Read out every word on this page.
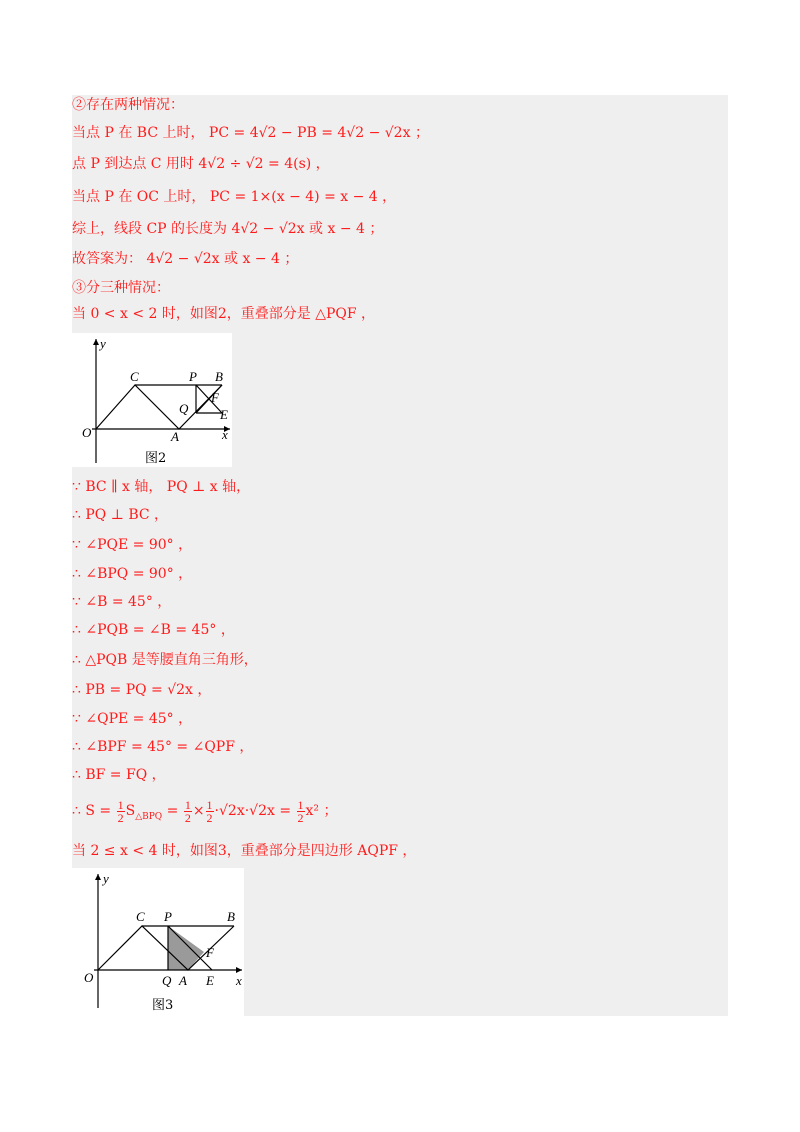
②存在两种情况：
当点 P 在 BC 上时， PC = 4√2 − PB = 4√2 − √2x ；
点 P 到达点 C 用时 4√2 ÷ √2 = 4(s) ，
当点 P 在 OC 上时， PC = 1×(x − 4) = x − 4 ，
综上，线段 CP 的长度为 4√2 − √2x 或 x − 4 ；
故答案为： 4√2 − √2x 或 x − 4 ；
③分三种情况：
当 0 < x < 2 时，如图2，重叠部分是 △PQF ，
y
x
O
C	P B
F
Q E
A
图2
∵ BC ∥ x 轴， PQ ⊥ x 轴，
∴ PQ ⊥ BC ，
∵ ∠PQE = 90° ，
∴ ∠BPQ = 90° ，
∵ ∠B = 45° ，
∴ ∠PQB = ∠B = 45° ，
∴ △PQB 是等腰直角三角形，
∴ PB = PQ = √2x ，
∵ ∠QPE = 45° ，
∴ ∠BPF = 45° = ∠QPF ，
∴ BF = FQ ，
∴ $S = \frac{1}{2} S_{\triangle BPQ} = \frac{1}{2} \times \frac{1}{2} \cdot√2x\cdot√2x = \frac{1}{2} x^2$ ；
当 2 ≤ x < 4 时，如图3，重叠部分是四边形 AQPF ，
y
x
O
C P	B
F
Q A E
图3
